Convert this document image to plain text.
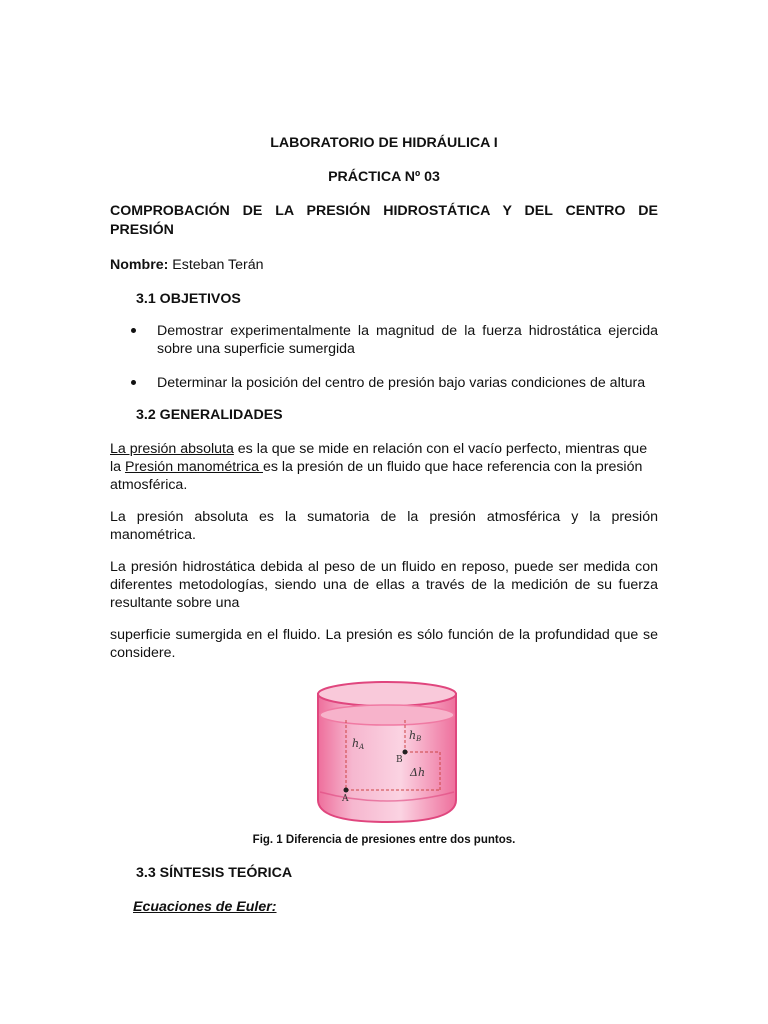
LABORATORIO DE HIDRÁULICA I
PRÁCTICA Nº 03
COMPROBACIÓN DE LA PRESIÓN HIDROSTÁTICA Y DEL CENTRO DE
PRESIÓN
Nombre: Esteban Terán
3.1 OBJETIVOS
Demostrar experimentalmente la magnitud de la fuerza hidrostática ejercida
sobre una superficie sumergida
Determinar la posición del centro de presión bajo varias condiciones de altura
3.2 GENERALIDADES
La presión absoluta es la que se mide en relación con el vacío perfecto, mientras que
la Presión manométrica es la presión de un fluido que hace referencia con la presión
atmosférica.
La presión absoluta es la sumatoria de la presión atmosférica y la presión
manométrica.
La presión hidrostática debida al peso de un fluido en reposo, puede ser medida con
diferentes metodologías, siendo una de ellas a través de la medición de su fuerza
resultante sobre una
superficie sumergida en el fluido. La presión es sólo función de la profundidad que se
considere.
hA
hB
B
A
Δh
Fig. 1 Diferencia de presiones entre dos puntos.
3.3 SÍNTESIS TEÓRICA
Ecuaciones de Euler:
